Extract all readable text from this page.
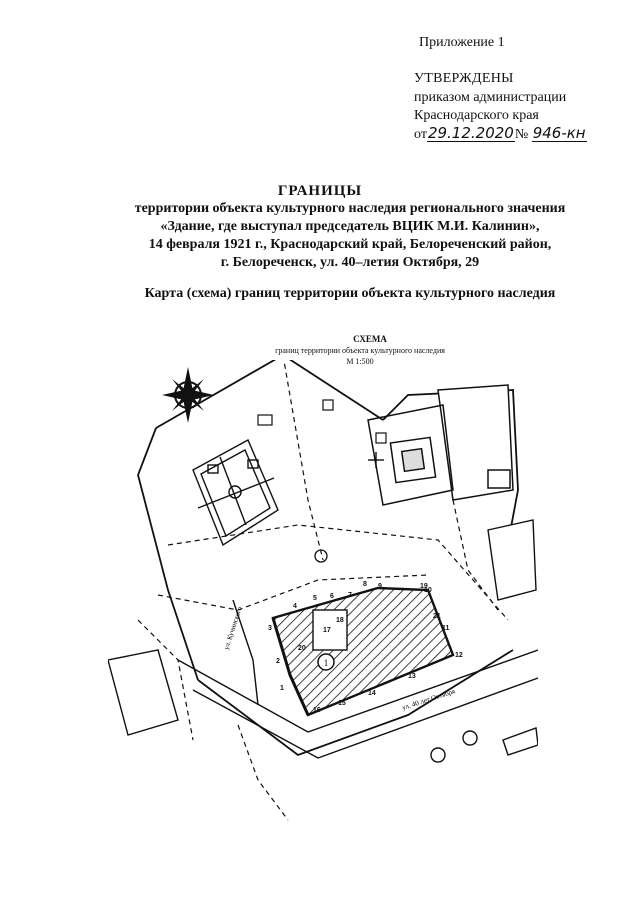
Приложение 1
УТВЕРЖДЕНЫ
приказом администрации
Краснодарского края
от29.12.2020№ 946-кн
ГРАНИЦЫ
территории объекта культурного наследия регионального значения
«Здание, где выступал председатель ВЦИК М.И. Калинин»,
14 февраля 1921 г., Краснодарский край, Белореченский район,
г. Белореченск, ул. 40–летия Октября, 29
Карта (схема) границ территории объекта культурного наследия
СХЕМА
границ территории объекта культурного наследия
М 1:500
1
1
2
3
4
5 6 7
8 9
10
11
12
13
14
15
16
17
18
19
20
21
ул. 40 лет Октября
ул. Кучинского
